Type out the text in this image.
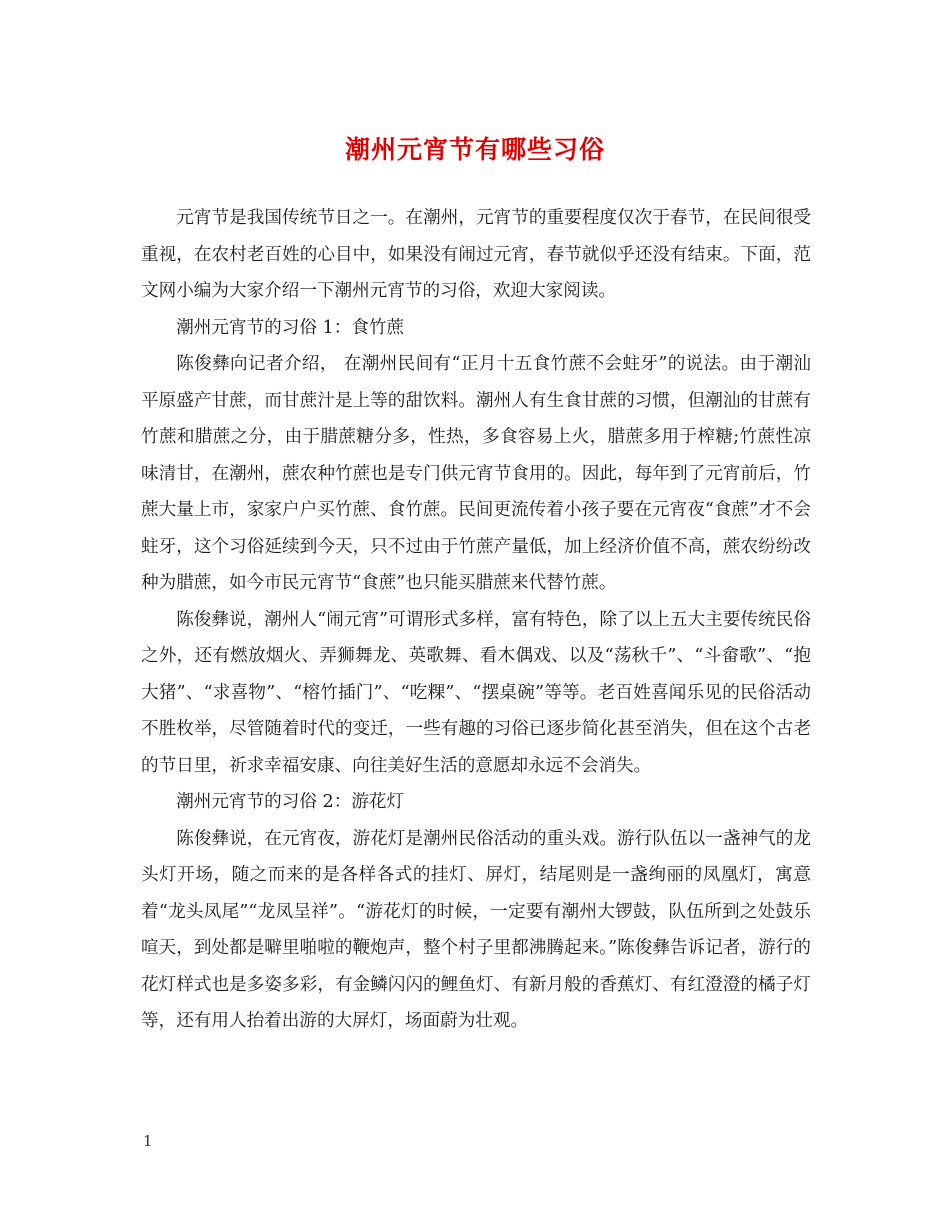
潮州元宵节有哪些习俗

元宵节是我国传统节日之一。在潮州，元宵节的重要程度仅次于春节，在民间很受重视，在农村老百姓的心目中，如果没有闹过元宵，春节就似乎还没有结束。下面，范文网小编为大家介绍一下潮州元宵节的习俗，欢迎大家阅读。

潮州元宵节的习俗 1：食竹蔗

陈俊彝向记者介绍， 在潮州民间有“正月十五食竹蔗不会蛀牙”的说法。由于潮汕平原盛产甘蔗，而甘蔗汁是上等的甜饮料。潮州人有生食甘蔗的习惯，但潮汕的甘蔗有竹蔗和腊蔗之分，由于腊蔗糖分多，性热，多食容易上火，腊蔗多用于榨糖;竹蔗性凉味清甘，在潮州，蔗农种竹蔗也是专门供元宵节食用的。因此，每年到了元宵前后，竹蔗大量上市，家家户户买竹蔗、食竹蔗。民间更流传着小孩子要在元宵夜“食蔗”才不会蛀牙，这个习俗延续到今天，只不过由于竹蔗产量低，加上经济价值不高，蔗农纷纷改种为腊蔗，如今市民元宵节“食蔗”也只能买腊蔗来代替竹蔗。

陈俊彝说，潮州人“闹元宵”可谓形式多样，富有特色，除了以上五大主要传统民俗之外，还有燃放烟火、弄狮舞龙、英歌舞、看木偶戏、以及“荡秋千”、“斗畲歌”、“抱大猪”、“求喜物”、“榕竹插门”、“吃粿”、“摆桌碗”等等。老百姓喜闻乐见的民俗活动不胜枚举，尽管随着时代的变迁，一些有趣的习俗已逐步简化甚至消失，但在这个古老的节日里，祈求幸福安康、向往美好生活的意愿却永远不会消失。

潮州元宵节的习俗 2：游花灯

陈俊彝说，在元宵夜，游花灯是潮州民俗活动的重头戏。游行队伍以一盏神气的龙头灯开场，随之而来的是各样各式的挂灯、屏灯，结尾则是一盏绚丽的凤凰灯，寓意着“龙头凤尾”“龙凤呈祥”。“游花灯的时候，一定要有潮州大锣鼓，队伍所到之处鼓乐喧天，到处都是噼里啪啦的鞭炮声，整个村子里都沸腾起来。”陈俊彝告诉记者，游行的花灯样式也是多姿多彩，有金鳞闪闪的鲤鱼灯、有新月般的香蕉灯、有红澄澄的橘子灯等，还有用人抬着出游的大屏灯，场面蔚为壮观。

1
